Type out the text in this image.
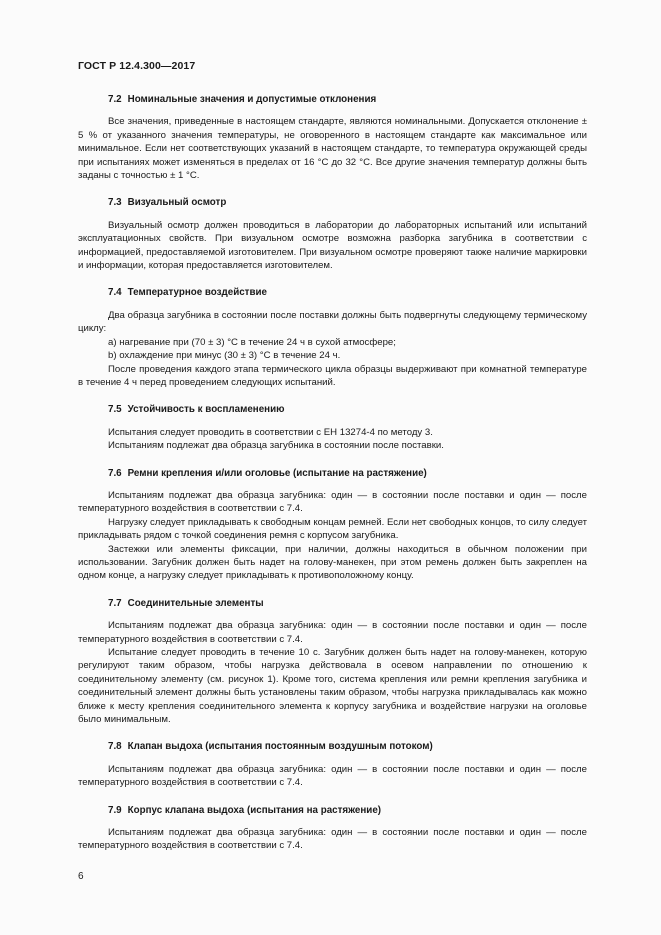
ГОСТ Р 12.4.300—2017
7.2 Номинальные значения и допустимые отклонения

Все значения, приведенные в настоящем стандарте, являются номинальными. Допускается отклонение ± 5 % от указанного значения температуры, не оговоренного в настоящем стандарте как максимальное или минимальное. Если нет соответствующих указаний в настоящем стандарте, то температура окружающей среды при испытаниях может изменяться в пределах от 16 °С до 32 °С. Все другие значения температур должны быть заданы с точностью ± 1 °С.

7.3 Визуальный осмотр

Визуальный осмотр должен проводиться в лаборатории до лабораторных испытаний или испытаний эксплуатационных свойств. При визуальном осмотре возможна разборка загубника в соответствии с информацией, предоставляемой изготовителем. При визуальном осмотре проверяют также наличие маркировки и информации, которая предоставляется изготовителем.

7.4 Температурное воздействие

Два образца загубника в состоянии после поставки должны быть подвергнуты следующему термическому циклу:

а) нагревание при (70 ± 3) °С в течение 24 ч в сухой атмосфере;

b) охлаждение при минус (30 ± 3) °С в течение 24 ч.

После проведения каждого этапа термического цикла образцы выдерживают при комнатной температуре в течение 4 ч перед проведением следующих испытаний.

7.5 Устойчивость к воспламенению

Испытания следует проводить в соответствии с ЕН 13274-4 по методу 3.

Испытаниям подлежат два образца загубника в состоянии после поставки.

7.6 Ремни крепления и/или оголовье (испытание на растяжение)

Испытаниям подлежат два образца загубника: один — в состоянии после поставки и один — после температурного воздействия в соответствии с 7.4.

Нагрузку следует прикладывать к свободным концам ремней. Если нет свободных концов, то силу следует прикладывать рядом с точкой соединения ремня с корпусом загубника.

Застежки или элементы фиксации, при наличии, должны находиться в обычном положении при использовании. Загубник должен быть надет на голову-манекен, при этом ремень должен быть закреплен на одном конце, а нагрузку следует прикладывать к противоположному концу.

7.7 Соединительные элементы

Испытаниям подлежат два образца загубника: один — в состоянии после поставки и один — после температурного воздействия в соответствии с 7.4.

Испытание следует проводить в течение 10 с. Загубник должен быть надет на голову-манекен, которую регулируют таким образом, чтобы нагрузка действовала в осевом направлении по отношению к соединительному элементу (см. рисунок 1). Кроме того, система крепления или ремни крепления загубника и соединительный элемент должны быть установлены таким образом, чтобы нагрузка прикладывалась как можно ближе к месту крепления соединительного элемента к корпусу загубника и воздействие нагрузки на оголовье было минимальным.

7.8 Клапан выдоха (испытания постоянным воздушным потоком)

Испытаниям подлежат два образца загубника: один — в состоянии после поставки и один — после температурного воздействия в соответствии с 7.4.

7.9 Корпус клапана выдоха (испытания на растяжение)

Испытаниям подлежат два образца загубника: один — в состоянии после поставки и один — после температурного воздействия в соответствии с 7.4.

6
